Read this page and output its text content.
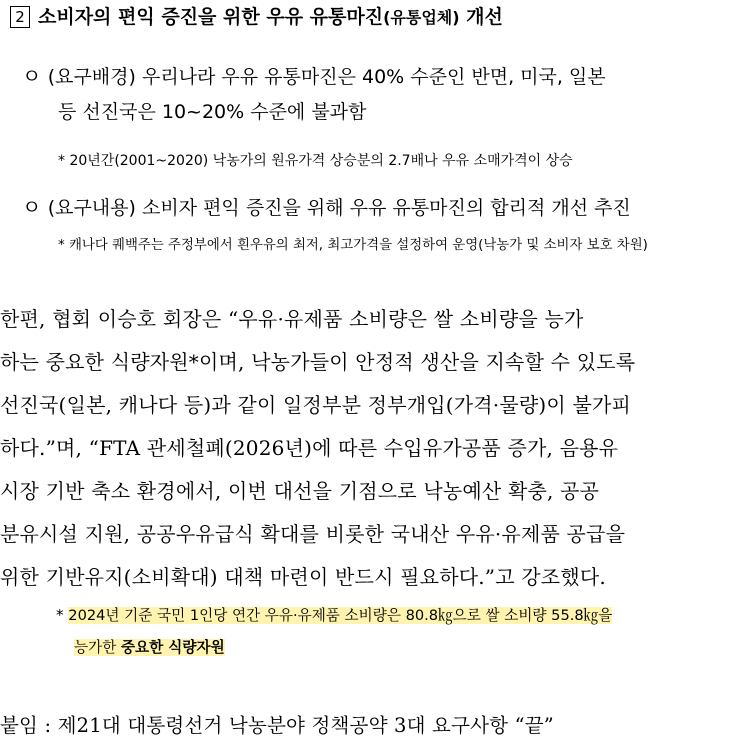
2 소비자의 편익 증진을 위한 우유 유통마진(유통업체) 개선
ㅇ (요구배경) 우리나라 우유 유통마진은 40% 수준인 반면, 미국, 일본
등 선진국은 10~20% 수준에 불과함
* 20년간(2001~2020) 낙농가의 원유가격 상승분의 2.7배나 우유 소매가격이 상승
ㅇ (요구내용) 소비자 편익 증진을 위해 우유 유통마진의 합리적 개선 추진
* 캐나다 퀘백주는 주정부에서 흰우유의 최저, 최고가격을 설정하여 운영(낙농가 및 소비자 보호 차원)
한편, 협회 이승호 회장은 “우유·유제품 소비량은 쌀 소비량을 능가
하는 중요한 식량자원*이며, 낙농가들이 안정적 생산을 지속할 수 있도록
선진국(일본, 캐나다 등)과 같이 일정부분 정부개입(가격·물량)이 불가피
하다.”며, “FTA 관세철폐(2026년)에 따른 수입유가공품 증가, 음용유
시장 기반 축소 환경에서, 이번 대선을 기점으로 낙농예산 확충, 공공
분유시설 지원, 공공우유급식 확대를 비롯한 국내산 우유·유제품 공급을
위한 기반유지(소비확대) 대책 마련이 반드시 필요하다.”고 강조했다.
* 2024년 기준 국민 1인당 연간 우유·유제품 소비량은 80.8㎏으로 쌀 소비량 55.8㎏을
능가한 중요한 식량자원
붙임 : 제21대 대통령선거 낙농분야 정책공약 3대 요구사항 “끝”
